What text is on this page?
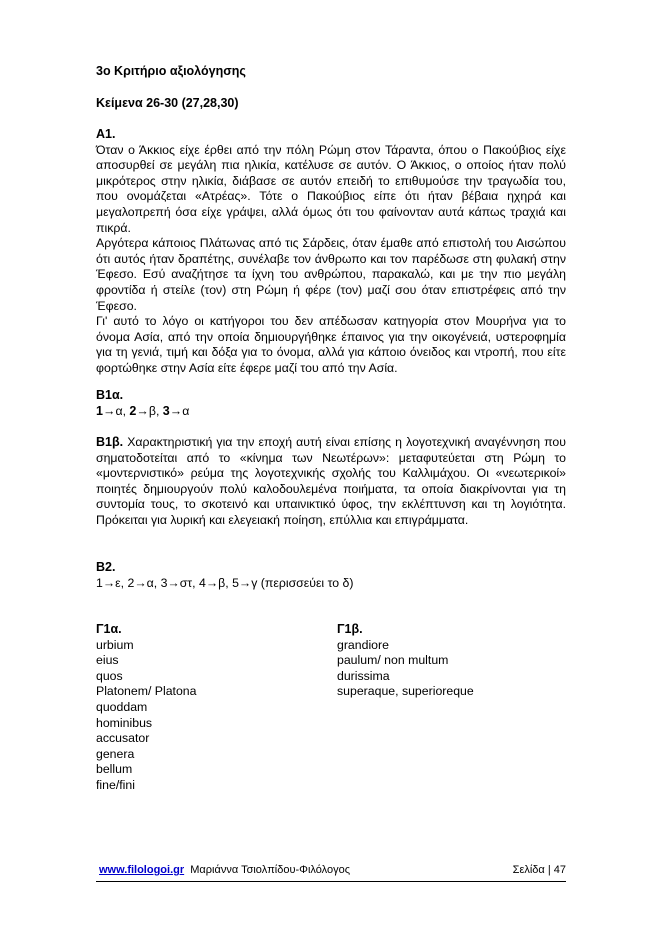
3ο Κριτήριο αξιολόγησης
Κείμενα 26-30 (27,28,30)
Α1.

Όταν ο Άκκιος είχε έρθει από την πόλη Ρώμη στον Τάραντα, όπου ο Πακούβιος είχε αποσυρθεί σε μεγάλη πια ηλικία, κατέλυσε σε αυτόν. Ο Άκκιος, ο οποίος ήταν πολύ μικρότερος στην ηλικία, διάβασε σε αυτόν επειδή το επιθυμούσε την τραγωδία του, που ονομάζεται «Ατρέας». Τότε ο Πακούβιος είπε ότι ήταν βέβαια ηχηρά και μεγαλοπρεπή όσα είχε γράψει, αλλά όμως ότι του φαίνονταν αυτά κάπως τραχιά και πικρά.

Αργότερα κάποιος Πλάτωνας από τις Σάρδεις, όταν έμαθε από επιστολή του Αισώπου ότι αυτός ήταν δραπέτης, συνέλαβε τον άνθρωπο και τον παρέδωσε στη φυλακή στην Έφεσο. Εσύ αναζήτησε τα ίχνη του ανθρώπου, παρακαλώ, και με την πιο μεγάλη φροντίδα ή στείλε (τον) στη Ρώμη ή φέρε (τον) μαζί σου όταν επιστρέφεις από την Έφεσο.

Γι' αυτό το λόγο οι κατήγοροι του δεν απέδωσαν κατηγορία στον Μουρήνα για το όνομα Ασία, από την οποία δημιουργήθηκε έπαινος για την οικογένειά, υστεροφημία για τη γενιά, τιμή και δόξα για το όνομα, αλλά για κάποιο όνειδος και ντροπή, που είτε φορτώθηκε στην Ασία είτε έφερε μαζί του από την Ασία.

Β1α.
1→α, 2→β, 3→α

Β1β. Χαρακτηριστική για την εποχή αυτή είναι επίσης η λογοτεχνική αναγέννηση που σηματοδοτείται από το «κίνημα των Νεωτέρων»: μεταφυτεύεται στη Ρώμη το «μοντερνιστικό» ρεύμα της λογοτεχνικής σχολής του Καλλιμάχου. Οι «νεωτερικοί» ποιητές δημιουργούν πολύ καλοδουλεμένα ποιήματα, τα οποία διακρίνονται για τη συντομία τους, το σκοτεινό και υπαινικτικό ύφος, την εκλέπτυνση και τη λογιότητα. Πρόκειται για λυρική και ελεγειακή ποίηση, επύλλια και επιγράμματα.

Β2.
1→ε, 2→α, 3→στ, 4→β, 5→γ (περισσεύει το δ)
Γ1α.
urbium
eius
quos
Platonem/ Platona
quoddam
hominibus
accusator
genera
bellum
fine/fini
Γ1β.
grandiore
paulum/ non multum
durissima
superaque, superioreque
www.filologoi.gr Μαριάννα Τσιολπίδου-Φιλόλογος	Σελίδα | 47
